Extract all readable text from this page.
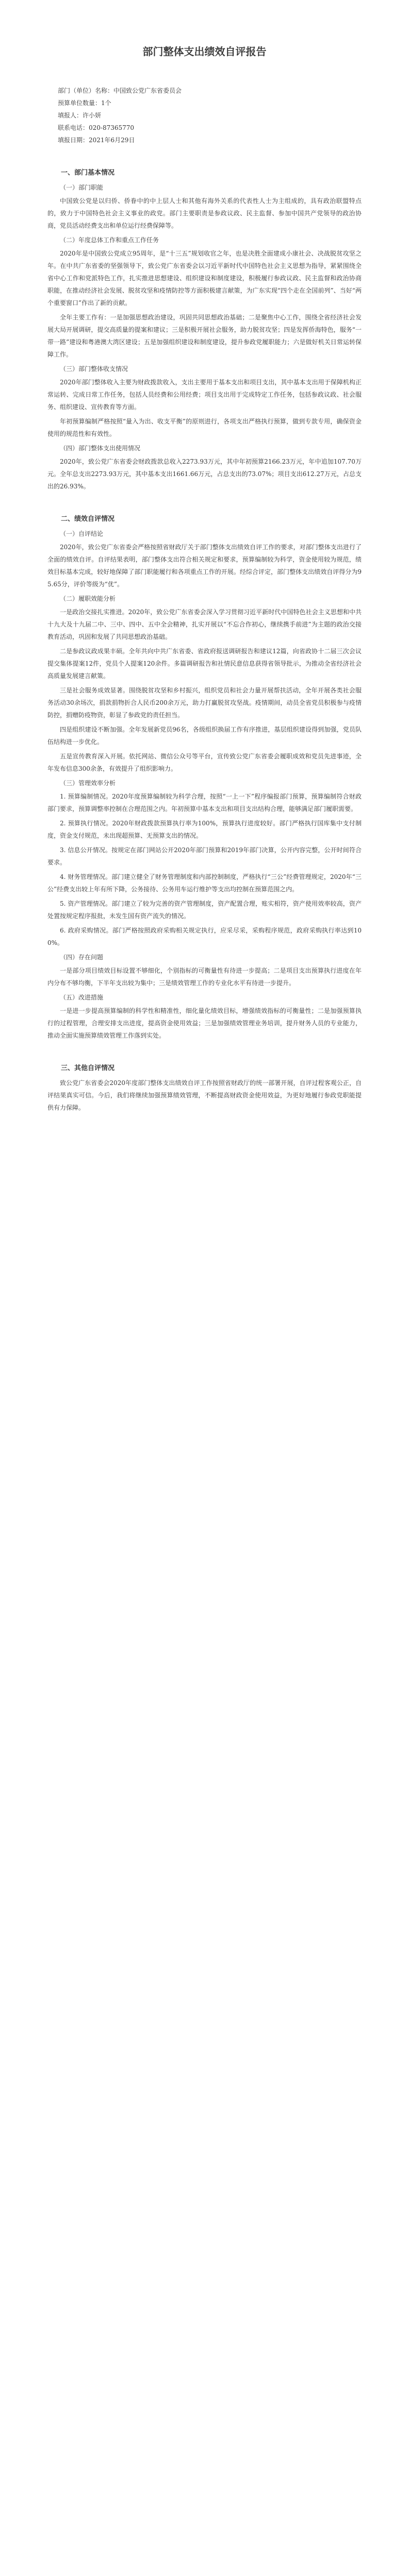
部门整体支出绩效自评报告
部门（单位）名称：中国致公党广东省委员会
预算单位数量：1个
填报人：许小妍
联系电话：020-87365770
填报日期：2021年6月29日
一、部门基本情况
（一）部门职能
中国致公党是以归侨、侨眷中的中上层人士和其他有海外关系的代表性人士为主组成的，具有政治联盟特点的，致力于中国特色社会主义事业的政党。部门主要职责是参政议政、民主监督、参加中国共产党领导的政治协商，党员活动经费支出和单位运行经费保障等。
（二）年度总体工作和重点工作任务
2020年是中国致公党成立95周年，是“十三五”规划收官之年，也是决胜全面建成小康社会、决战脱贫攻坚之年。在中共广东省委的坚强领导下，致公党广东省委会以习近平新时代中国特色社会主义思想为指导，紧紧围绕全省中心工作和党派特色工作，扎实推进思想建设、组织建设和制度建设，积极履行参政议政、民主监督和政治协商职能，在推动经济社会发展、脱贫攻坚和疫情防控等方面积极建言献策，为广东实现“四个走在全国前列”、当好“两个重要窗口”作出了新的贡献。
全年主要工作有：一是加强思想政治建设，巩固共同思想政治基础；二是聚焦中心工作，围绕全省经济社会发展大局开展调研，提交高质量的提案和建议；三是积极开展社会服务，助力脱贫攻坚；四是发挥侨海特色，服务“一带一路”建设和粤港澳大湾区建设；五是加强组织建设和制度建设，提升参政党履职能力；六是做好机关日常运转保障工作。
（三）部门整体收支情况
2020年部门整体收入主要为财政拨款收入，支出主要用于基本支出和项目支出，其中基本支出用于保障机构正常运转、完成日常工作任务，包括人员经费和公用经费；项目支出用于完成特定工作任务，包括参政议政、社会服务、组织建设、宣传教育等方面。
年初预算编制严格按照“量入为出、收支平衡”的原则进行，各项支出严格执行预算，做到专款专用，确保资金使用的规范性和有效性。
（四）部门整体支出使用情况
2020年，致公党广东省委会财政拨款总收入2273.93万元，其中年初预算2166.23万元，年中追加107.70万元。全年总支出2273.93万元，其中基本支出1661.66万元，占总支出的73.07%；项目支出612.27万元，占总支出的26.93%。
二、绩效自评情况
（一）自评结论
2020年，致公党广东省委会严格按照省财政厅关于部门整体支出绩效自评工作的要求，对部门整体支出进行了全面的绩效自评。自评结果表明，部门整体支出符合相关规定和要求，预算编制较为科学，资金使用较为规范，绩效目标基本完成，较好地保障了部门职能履行和各项重点工作的开展。经综合评定，部门整体支出绩效自评得分为95.65分，评价等级为“优”。
（二）履职效能分析
一是政治交接扎实推进。2020年，致公党广东省委会深入学习贯彻习近平新时代中国特色社会主义思想和中共十九大及十九届二中、三中、四中、五中全会精神，扎实开展以“不忘合作初心，继续携手前进”为主题的政治交接教育活动，巩固和发展了共同思想政治基础。
二是参政议政成果丰硕。全年共向中共广东省委、省政府报送调研报告和建议12篇，向省政协十二届三次会议提交集体提案12件，党员个人提案120余件。多篇调研报告和社情民意信息获得省领导批示，为推动全省经济社会高质量发展建言献策。
三是社会服务成效显著。围绕脱贫攻坚和乡村振兴，组织党员和社会力量开展帮扶活动，全年开展各类社会服务活动30余场次，捐款捐物折合人民币200余万元，助力打赢脱贫攻坚战。疫情期间，动员全省党员积极参与疫情防控，捐赠防疫物资，彰显了参政党的责任担当。
四是组织建设不断加强。全年发展新党员96名，各级组织换届工作有序推进，基层组织建设得到加强，党员队伍结构进一步优化。
五是宣传教育深入开展。依托网站、微信公众号等平台，宣传致公党广东省委会履职成效和党员先进事迹，全年发布信息300余条，有效提升了组织影响力。
（三）管理效率分析
1. 预算编制情况。2020年度预算编制较为科学合理，按照“一上一下”程序编报部门预算，预算编制符合财政部门要求，预算调整率控制在合理范围之内。年初预算中基本支出和项目支出结构合理，能够满足部门履职需要。
2. 预算执行情况。2020年财政拨款预算执行率为100%，预算执行进度较好。部门严格执行国库集中支付制度，资金支付规范，未出现超预算、无预算支出的情况。
3. 信息公开情况。按规定在部门网站公开2020年部门预算和2019年部门决算，公开内容完整，公开时间符合要求。
4. 财务管理情况。部门建立健全了财务管理制度和内部控制制度，严格执行“三公”经费管理规定，2020年“三公”经费支出较上年有所下降，公务接待、公务用车运行维护等支出均控制在预算范围之内。
5. 资产管理情况。部门建立了较为完善的资产管理制度，资产配置合理，账实相符，资产使用效率较高，资产处置按规定程序报批，未发生国有资产流失的情况。
6. 政府采购情况。部门严格按照政府采购相关规定执行，应采尽采，采购程序规范，政府采购执行率达到100%。
（四）存在问题
一是部分项目绩效目标设置不够细化，个别指标的可衡量性有待进一步提高；二是项目支出预算执行进度在年内分布不够均衡，下半年支出较为集中；三是绩效管理工作的专业化水平有待进一步提升。
（五）改进措施
一是进一步提高预算编制的科学性和精准性，细化量化绩效目标，增强绩效指标的可衡量性；二是加强预算执行的过程管理，合理安排支出进度，提高资金使用效益；三是加强绩效管理业务培训，提升财务人员的专业能力，推动全面实施预算绩效管理工作落到实处。
三、其他自评情况
致公党广东省委会2020年度部门整体支出绩效自评工作按照省财政厅的统一部署开展，自评过程客观公正，自评结果真实可信。今后，我们将继续加强预算绩效管理，不断提高财政资金使用效益，为更好地履行参政党职能提供有力保障。
